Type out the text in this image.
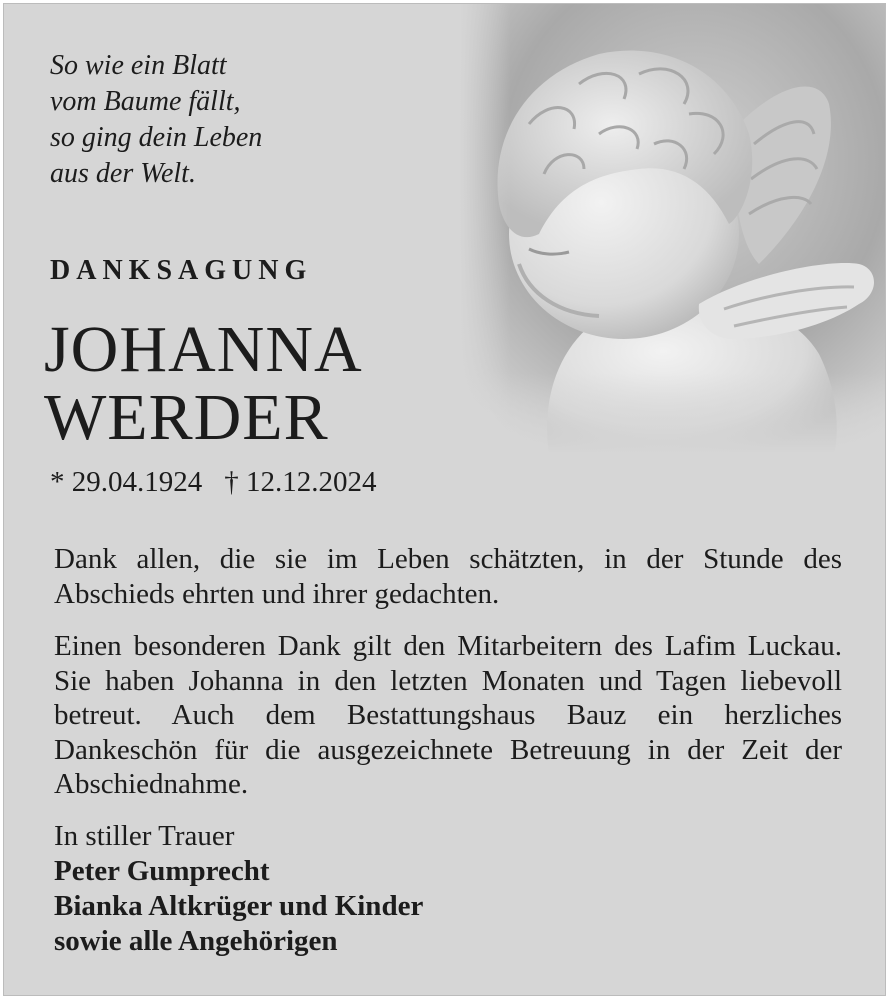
So wie ein Blatt
vom Baume fällt,
so ging dein Leben
aus der Welt.

DANKSAGUNG
JOHANNA
WERDER

* 29.04.1924 † 12.12.2024

Dank allen, die sie im Leben schätzten, in der Stunde des Abschieds ehrten und ihrer gedachten.

Einen besonderen Dank gilt den Mitarbeitern des Lafim Luckau. Sie haben Johanna in den letzten Monaten und Tagen liebevoll betreut. Auch dem Bestattungshaus Bauz ein herzliches Dankeschön für die ausgezeichnete Betreuung in der Zeit der Abschiednahme.

In stiller Trauer
Peter Gumprecht
Bianka Altkrüger und Kinder
sowie alle Angehörigen
